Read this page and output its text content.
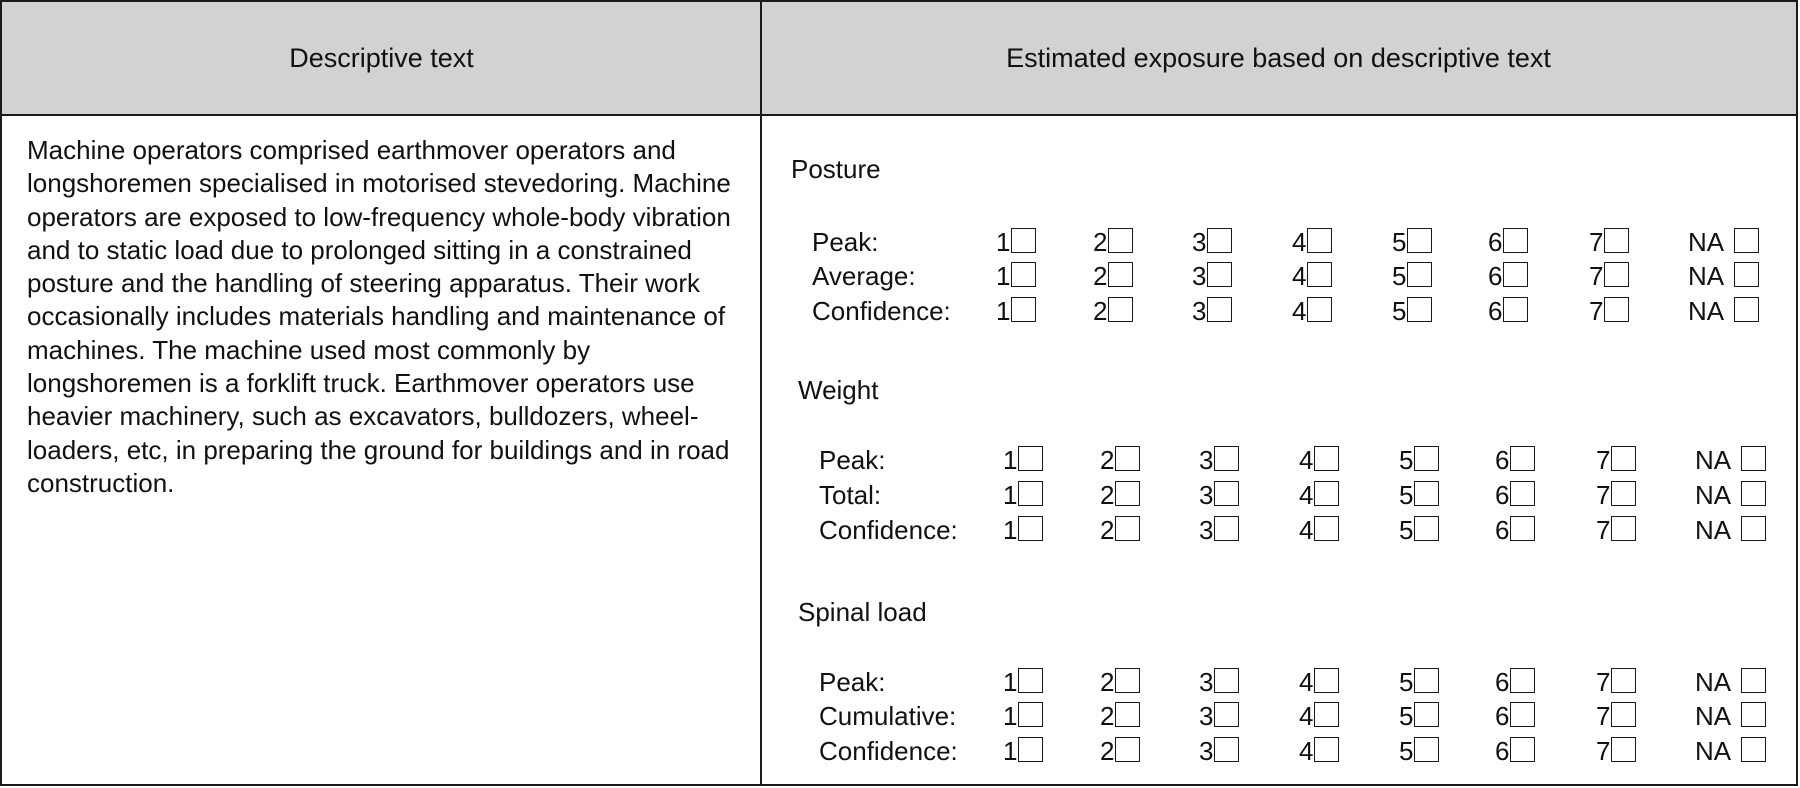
Descriptive text	Estimated exposure based on descriptive text

Machine operators comprised earthmover operators and longshoremen specialised in motorised stevedoring. Machine operators are exposed to low-frequency whole-body vibration and to static load due to prolonged sitting in a constrained posture and the handling of steering apparatus. Their work occasionally includes materials handling and maintenance of machines. The machine used most commonly by longshoremen is a forklift truck. Earthmover operators use heavier machinery, such as excavators, bulldozers, wheel-loaders, etc, in preparing the ground for buildings and in road construction.

Posture
Peak:	1	2	3	4	5	6	7	NA
Average:	1	2	3	4	5	6	7	NA
Confidence: 1	2	3	4	5	6	7	NA
Weight
Peak:	1	2	3	4	5	6	7	NA
Total:	1	2	3	4	5	6	7	NA
Confidence: 1	2	3	4	5	6	7	NA
Spinal load
Peak:	1	2	3	4	5	6	7	NA
Cumulative: 1	2	3	4	5	6	7	NA
Confidence: 1	2	3	4	5	6	7	NA
